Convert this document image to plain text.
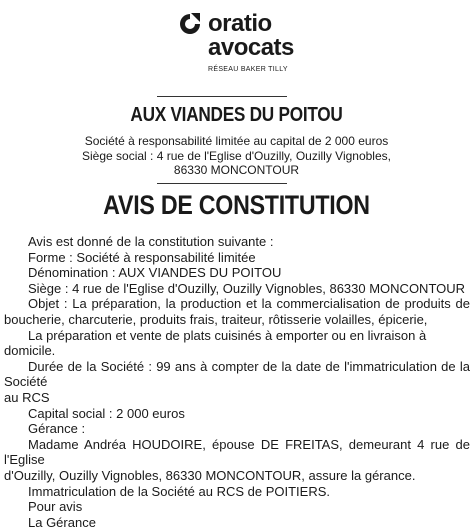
oratio
avocats
RÉSEAU BAKER TILLY
AUX VIANDES DU POITOU
Société à responsabilité limitée au capital de 2 000 euros
Siège social : 4 rue de l'Eglise d'Ouzilly, Ouzilly Vignobles,
86330 MONCONTOUR
AVIS DE CONSTITUTION

Avis est donné de la constitution suivante :

Forme : Société à responsabilité limitée

Dénomination : AUX VIANDES DU POITOU

Siège : 4 rue de l'Eglise d'Ouzilly, Ouzilly Vignobles, 86330 MONCONTOUR

Objet : La préparation, la production et la commercialisation de produits de

boucherie, charcuterie, produits frais, traiteur, rôtisserie volailles, épicerie,

La préparation et vente de plats cuisinés à emporter ou en livraison à domicile.

Durée de la Société : 99 ans à compter de la date de l'immatriculation de la Société

au RCS

Capital social : 2 000 euros

Gérance :

Madame Andréa HOUDOIRE, épouse DE FREITAS, demeurant 4 rue de l'Eglise

d'Ouzilly, Ouzilly Vignobles, 86330 MONCONTOUR, assure la gérance.

Immatriculation de la Société au RCS de POITIERS.

Pour avis

La Gérance
